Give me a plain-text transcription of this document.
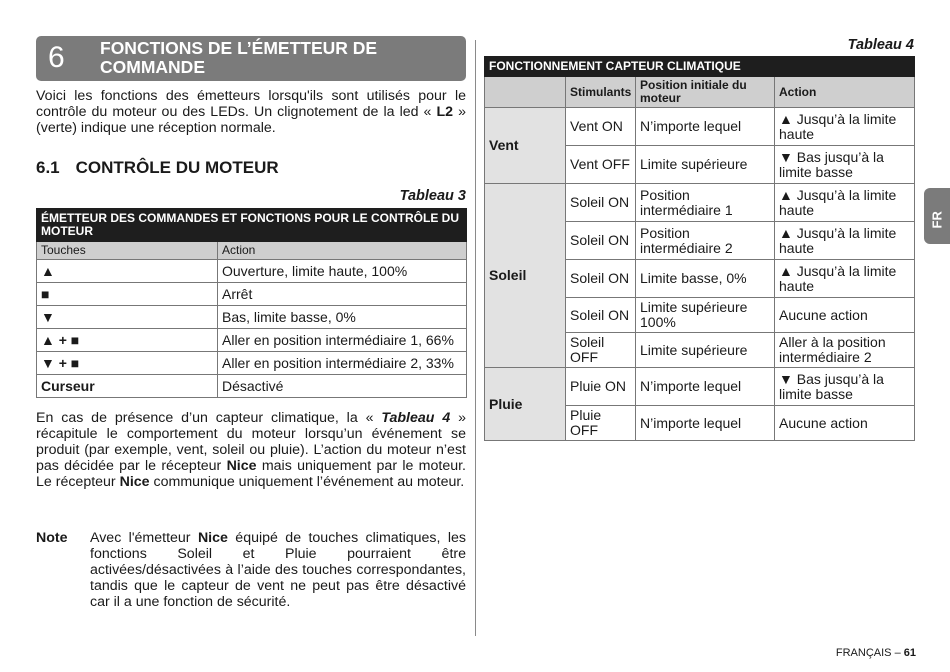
6 FONCTIONS DE L’ÉMETTEUR DE COMMANDE

Voici les fonctions des émetteurs lorsqu'ils sont utilisés pour le contrôle du moteur ou des LEDs. Un clignotement de la led « L2 » (verte) indique une réception normale.

6.1 CONTRÔLE DU MOTEUR
Tableau 3
ÉMETTEUR DES COMMANDES ET FONCTIONS POUR LE CONTRÔLE DU MOTEUR	
Touches	Action
▲	Ouverture, limite haute, 100%
■	Arrêt
▼	Bas, limite basse, 0%
▲ + ■	Aller en position intermédiaire 1, 66%
▼ + ■	Aller en position intermédiaire 2, 33%
Curseur	Désactivé

En cas de présence d’un capteur climatique, la « Tableau 4 » récapitule le comportement du moteur lorsqu’un événement se produit (par exemple, vent, soleil ou pluie). L’action du moteur n’est pas décidée par le récepteur Nice mais uniquement par le moteur. Le récepteur Nice communique uniquement l’événement au moteur.

Note Avec l'émetteur Nice équipé de touches climatiques, les fonctions Soleil et Pluie pourraient être activées/désactivées à l’aide des touches correspondantes, tandis que le capteur de vent ne peut pas être désactivé car il a une fonction de sécurité.
Tableau 4
FONCTIONNEMENT CAPTEUR CLIMATIQUE			
	Stimulants	Position initiale du moteur	Action
Vent	Vent ON	N’importe lequel	▲ Jusqu’à la limite haute
	Vent OFF	Limite supérieure	▼ Bas jusqu’à la limite basse
Soleil	Soleil ON	Position intermédiaire 1	▲ Jusqu’à la limite haute
	Soleil ON	Position intermédiaire 2	▲ Jusqu’à la limite haute
	Soleil ON	Limite basse, 0%	▲ Jusqu’à la limite haute
	Soleil ON	Limite supérieure 100%	Aucune action
	Soleil OFF	Limite supérieure	Aller à la position intermédiaire 2
Pluie	Pluie ON	N’importe lequel	▼ Bas jusqu’à la limite basse
	Pluie OFF	N’importe lequel	Aucune action
FR
FRANÇAIS – 61
